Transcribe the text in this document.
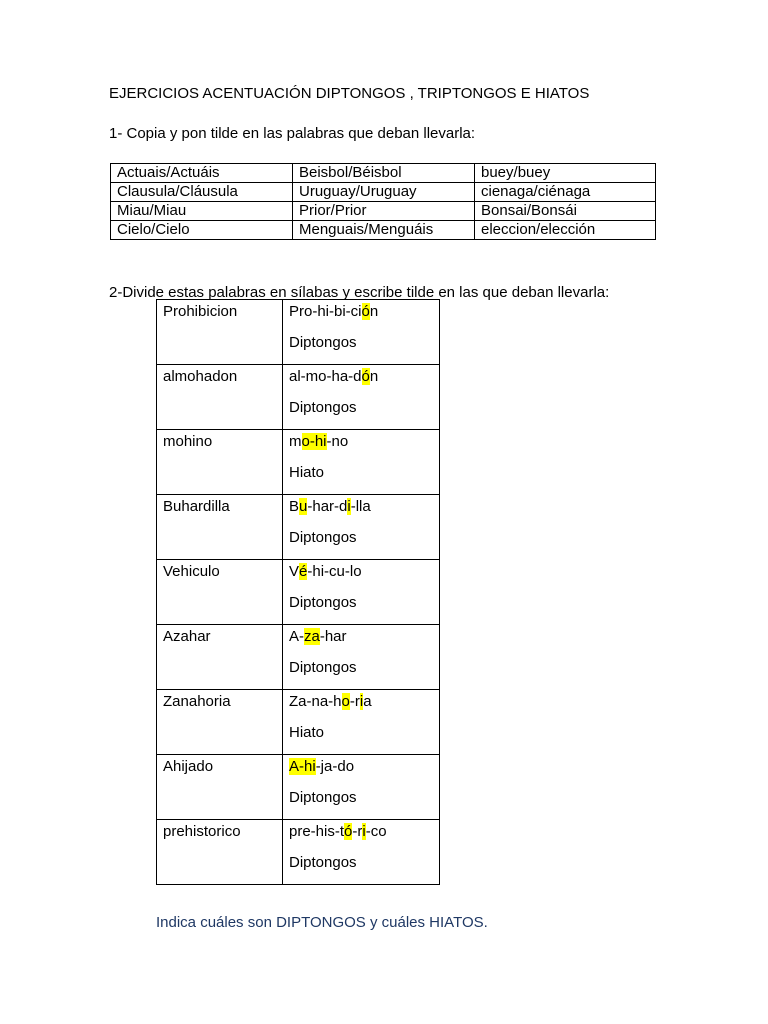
EJERCICIOS ACENTUACIÓN DIPTONGOS , TRIPTONGOS E HIATOS

1- Copia y pon tilde en las palabras que deban llevarla:

Actuais/Actuáis	Beisbol/Béisbol	buey/buey
Clausula/Cláusula	Uruguay/Uruguay	cienaga/ciénaga
Miau/Miau	Prior/Prior	Bonsai/Bonsái
Cielo/Cielo	Menguais/Menguáis	eleccion/elección

2-Divide estas palabras en sílabas y escribe tilde en las que deban llevarla:

Prohibicion	Pro-hi-bi-ción
Diptongos

almohadon	al-mo-ha-dón
Diptongos

mohino	mo-hi-no
Hiato

Buhardilla	Bu-har-di-lla
Diptongos

Vehiculo	Vé-hi-cu-lo
Diptongos

Azahar	A-za-har
Diptongos

Zanahoria	Za-na-ho-ria
Hiato

Ahijado	A-hi-ja-do
Diptongos

prehistorico	pre-his-tó-ri-co
Diptongos

Indica cuáles son DIPTONGOS y cuáles HIATOS.
